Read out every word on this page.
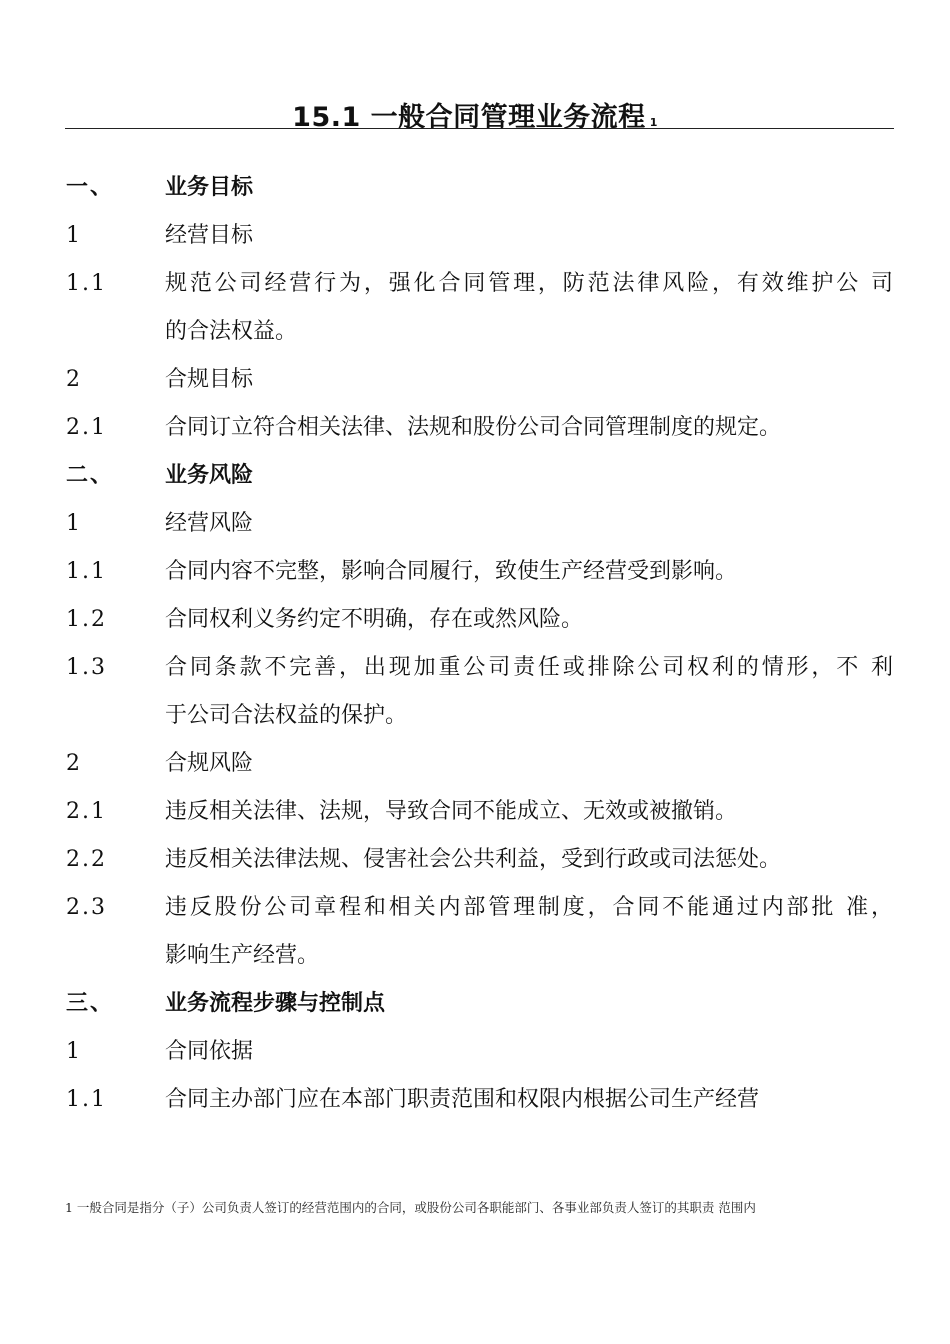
15.1 一般合同管理业务流程 1
一、 业务目标
1	经营目标
1.1	规范公司经营行为，强化合同管理，防范法律风险，有效维护公 司
的合法权益。
2	合规目标
2.1	合同订立符合相关法律、法规和股份公司合同管理制度的规定。
二、 业务风险
1	经营风险
1.1	合同内容不完整，影响合同履行，致使生产经营受到影响。
1.2	合同权利义务约定不明确，存在或然风险。
1.3	合同条款不完善，出现加重公司责任或排除公司权利的情形，不 利
于公司合法权益的保护。
2	合规风险
2.1	违反相关法律、法规，导致合同不能成立、无效或被撤销。
2.2	违反相关法律法规、侵害社会公共利益，受到行政或司法惩处。
2.3	违反股份公司章程和相关内部管理制度，合同不能通过内部批 准，
影响生产经营。
三、 业务流程步骤与控制点
1	合同依据
1.1	合同主办部门应在本部门职责范围和权限内根据公司生产经营
1 一般合同是指分（子）公司负责人签订的经营范围内的合同，或股份公司各职能部门、各事业部负责人签订的其职责 范围内
